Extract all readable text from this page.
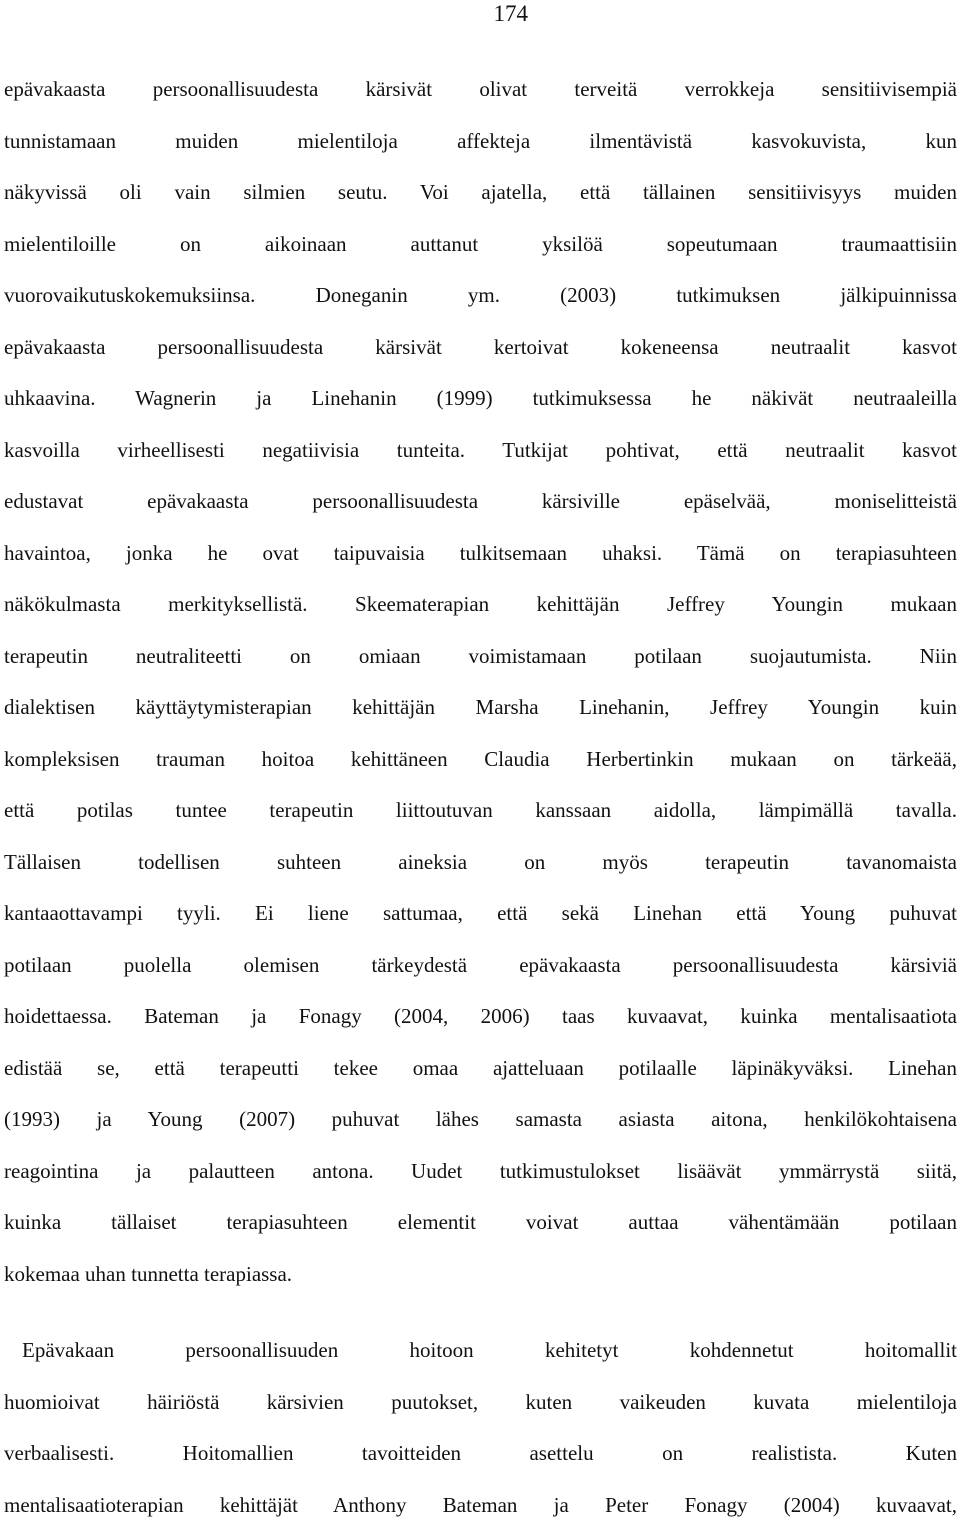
174
epävakaasta persoonallisuudesta kärsivät olivat terveitä verrokkeja sensitiivisempiä
tunnistamaan muiden mielentiloja affekteja ilmentävistä kasvokuvista, kun
näkyvissä oli vain silmien seutu. Voi ajatella, että tällainen sensitiivisyys muiden
mielentiloille on aikoinaan auttanut yksilöä sopeutumaan traumaattisiin
vuorovaikutuskokemuksiinsa. Doneganin ym. (2003) tutkimuksen jälkipuinnissa
epävakaasta persoonallisuudesta kärsivät kertoivat kokeneensa neutraalit kasvot
uhkaavina. Wagnerin ja Linehanin (1999) tutkimuksessa he näkivät neutraaleilla
kasvoilla virheellisesti negatiivisia tunteita. Tutkijat pohtivat, että neutraalit kasvot
edustavat epävakaasta persoonallisuudesta kärsiville epäselvää, moniselitteistä
havaintoa, jonka he ovat taipuvaisia tulkitsemaan uhaksi. Tämä on terapiasuhteen
näkökulmasta merkityksellistä. Skeematerapian kehittäjän Jeffrey Youngin mukaan
terapeutin neutraliteetti on omiaan voimistamaan potilaan suojautumista. Niin
dialektisen käyttäytymisterapian kehittäjän Marsha Linehanin, Jeffrey Youngin kuin
kompleksisen trauman hoitoa kehittäneen Claudia Herbertinkin mukaan on tärkeää,
että potilas tuntee terapeutin liittoutuvan kanssaan aidolla, lämpimällä tavalla.
Tällaisen todellisen suhteen aineksia on myös terapeutin tavanomaista
kantaaottavampi tyyli. Ei liene sattumaa, että sekä Linehan että Young puhuvat
potilaan puolella olemisen tärkeydestä epävakaasta persoonallisuudesta kärsiviä
hoidettaessa. Bateman ja Fonagy (2004, 2006) taas kuvaavat, kuinka mentalisaatiota
edistää se, että terapeutti tekee omaa ajatteluaan potilaalle läpinäkyväksi. Linehan
(1993) ja Young (2007) puhuvat lähes samasta asiasta aitona, henkilökohtaisena
reagointina ja palautteen antona. Uudet tutkimustulokset lisäävät ymmärrystä siitä,
kuinka tällaiset terapiasuhteen elementit voivat auttaa vähentämään potilaan
kokemaa uhan tunnetta terapiassa.
Epävakaan persoonallisuuden hoitoon kehitetyt kohdennetut hoitomallit
huomioivat häiriöstä kärsivien puutokset, kuten vaikeuden kuvata mielentiloja
verbaalisesti. Hoitomallien tavoitteiden asettelu on realistista. Kuten
mentalisaatioterapian kehittäjät Anthony Bateman ja Peter Fonagy (2004) kuvaavat,
